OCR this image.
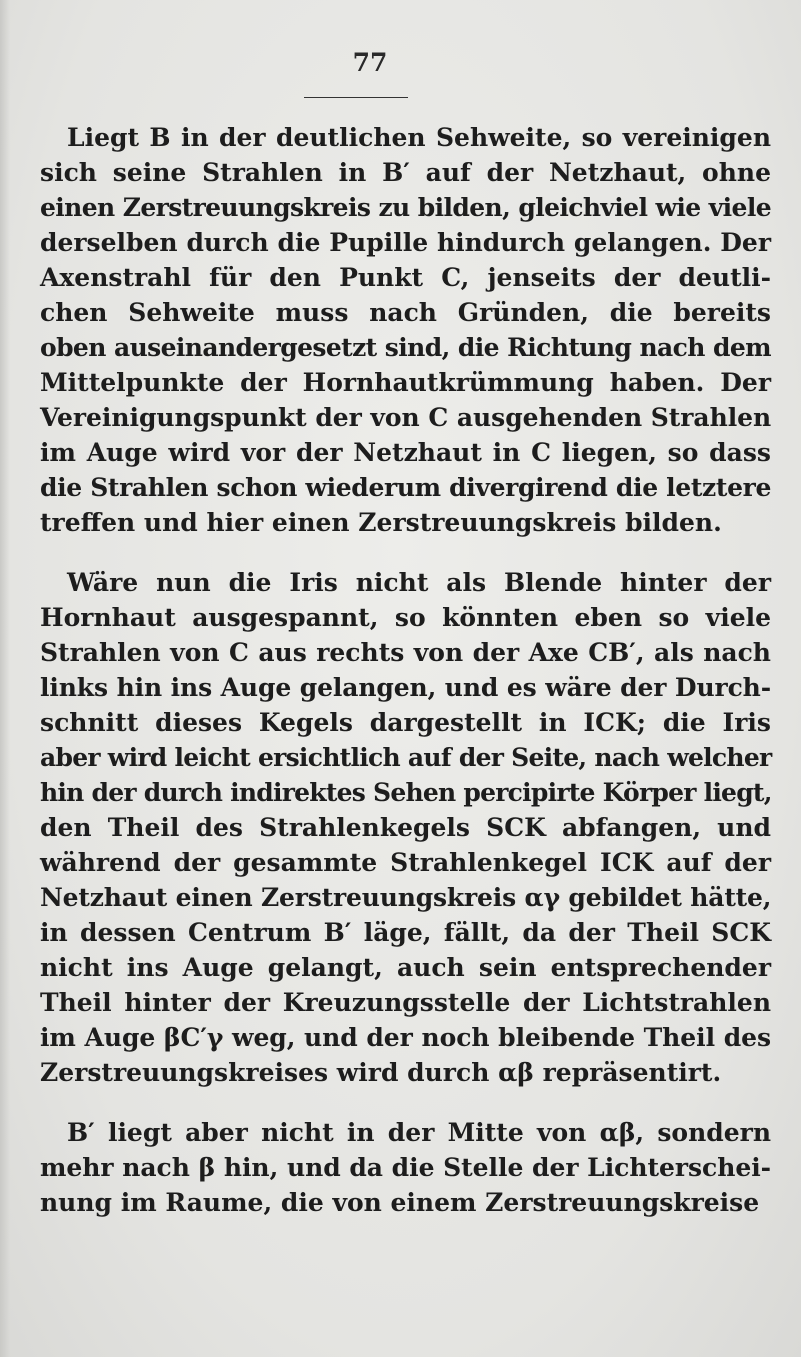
77
Liegt B in der deutlichen Sehweite, so vereinigen
sich seine Strahlen in B′ auf der Netzhaut, ohne
einen Zerstreuungskreis zu bilden, gleichviel wie viele
derselben durch die Pupille hindurch gelangen. Der
Axenstrahl für den Punkt C, jenseits der deutli-
chen Sehweite muss nach Gründen, die bereits
oben auseinandergesetzt sind, die Richtung nach dem
Mittelpunkte der Hornhautkrümmung haben. Der
Vereinigungspunkt der von C ausgehenden Strahlen
im Auge wird vor der Netzhaut in C liegen, so dass
die Strahlen schon wiederum divergirend die letztere
treffen und hier einen Zerstreuungskreis bilden.
Wäre nun die Iris nicht als Blende hinter der
Hornhaut ausgespannt, so könnten eben so viele
Strahlen von C aus rechts von der Axe CB′, als nach
links hin ins Auge gelangen, und es wäre der Durch-
schnitt dieses Kegels dargestellt in ICK; die Iris
aber wird leicht ersichtlich auf der Seite, nach welcher
hin der durch indirektes Sehen percipirte Körper liegt,
den Theil des Strahlenkegels SCK abfangen, und
während der gesammte Strahlenkegel ICK auf der
Netzhaut einen Zerstreuungskreis αγ gebildet hätte,
in dessen Centrum B′ läge, fällt, da der Theil SCK
nicht ins Auge gelangt, auch sein entsprechender
Theil hinter der Kreuzungsstelle der Lichtstrahlen
im Auge βC′γ weg, und der noch bleibende Theil des
Zerstreuungskreises wird durch αβ repräsentirt.
B′ liegt aber nicht in der Mitte von αβ, sondern
mehr nach β hin, und da die Stelle der Lichterschei-
nung im Raume, die von einem Zerstreuungskreise
